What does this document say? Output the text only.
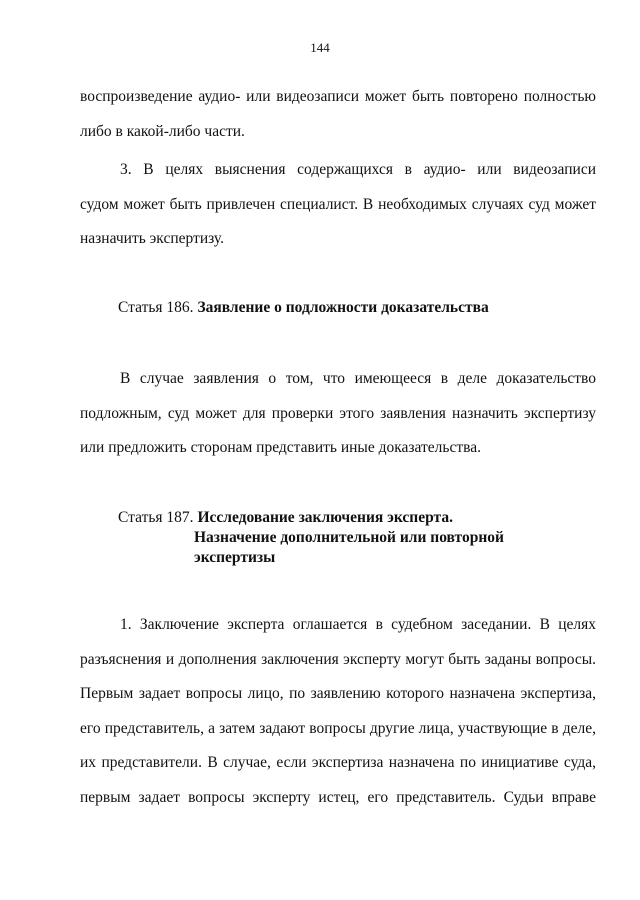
144
воспроизведение аудио- или видеозаписи может быть повторено полностью
либо в какой-либо части.
3. В целях выяснения содержащихся в аудио- или видеозаписи
судом может быть привлечен специалист. В необходимых случаях суд может
назначить экспертизу.
Статья 186. Заявление о подложности доказательства
В случае заявления о том, что имеющееся в деле доказательство
подложным, суд может для проверки этого заявления назначить экспертизу
или предложить сторонам представить иные доказательства.
Статья 187. Исследование заключения эксперта.
Назначение дополнительной или повторной
экспертизы
1. Заключение эксперта оглашается в судебном заседании. В целях
разъяснения и дополнения заключения эксперту могут быть заданы вопросы.
Первым задает вопросы лицо, по заявлению которого назначена экспертиза,
его представитель, а затем задают вопросы другие лица, участвующие в деле,
их представители. В случае, если экспертиза назначена по инициативе суда,
первым задает вопросы эксперту истец, его представитель. Судьи вправе
